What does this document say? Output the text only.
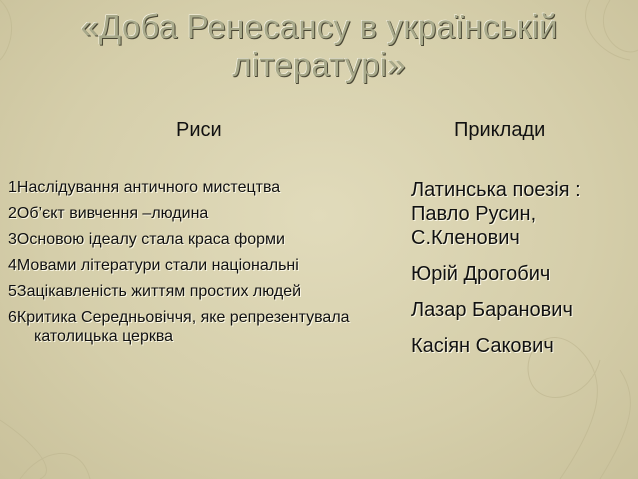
«Доба Ренесансу в українській
літературі»
Риси	Приклади
1Наслідування античного мистецтва
2Об’єкт вивчення –людина
3Основою ідеалу стала краса форми
4Мовами літератури стали національні
5Зацікавленість життям простих людей
6Критика Середньовіччя, яке репрезентувала католицька церква
Латинська поезія : Павло Русин, С.Кленович
Юрій Дрогобич
Лазар Баранович
Касіян Сакович
